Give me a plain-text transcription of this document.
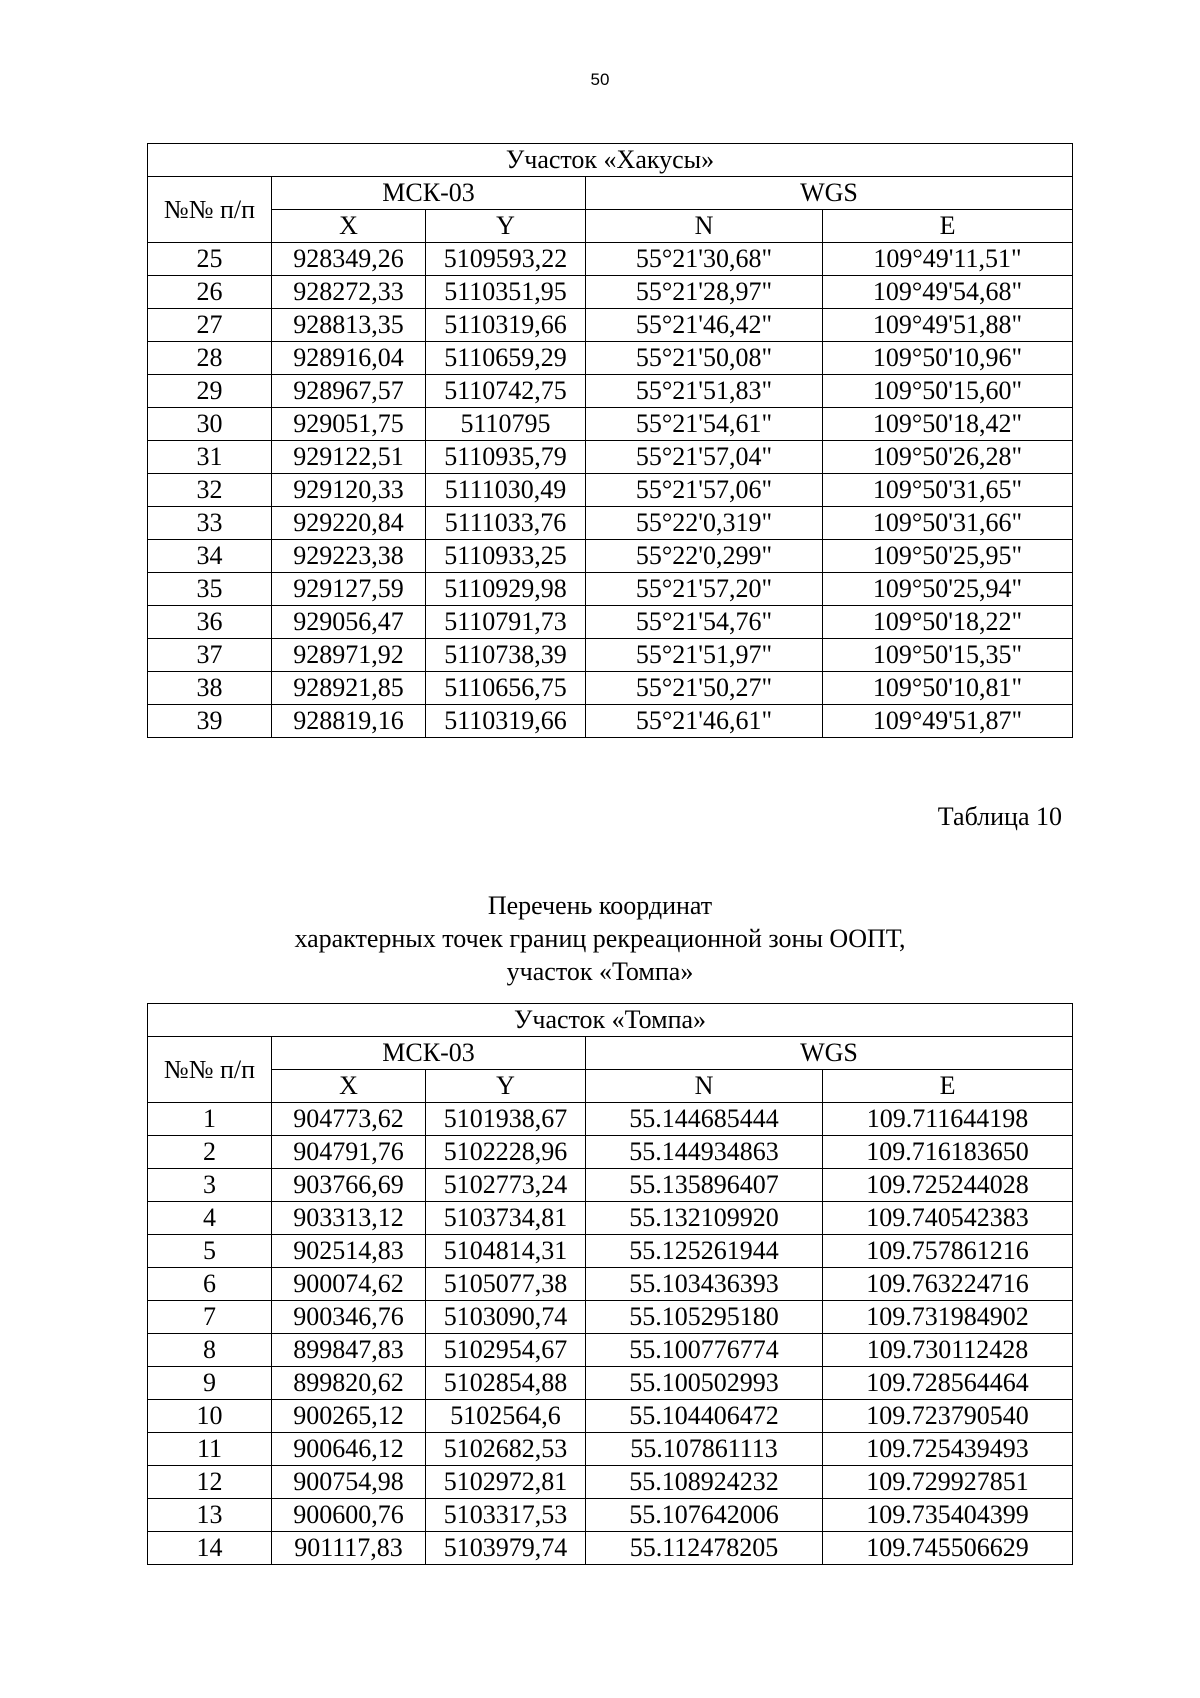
50
Участок «Хакусы»				
№№ п/п	МСК-03		WGS	
	X	Y	N	E
25	928349,26	5109593,22	55°21'30,68"	109°49'11,51"
26	928272,33	5110351,95	55°21'28,97"	109°49'54,68"
27	928813,35	5110319,66	55°21'46,42"	109°49'51,88"
28	928916,04	5110659,29	55°21'50,08"	109°50'10,96"
29	928967,57	5110742,75	55°21'51,83"	109°50'15,60"
30	929051,75	5110795	55°21'54,61"	109°50'18,42"
31	929122,51	5110935,79	55°21'57,04"	109°50'26,28"
32	929120,33	5111030,49	55°21'57,06"	109°50'31,65"
33	929220,84	5111033,76	55°22'0,319"	109°50'31,66"
34	929223,38	5110933,25	55°22'0,299"	109°50'25,95"
35	929127,59	5110929,98	55°21'57,20"	109°50'25,94"
36	929056,47	5110791,73	55°21'54,76"	109°50'18,22"
37	928971,92	5110738,39	55°21'51,97"	109°50'15,35"
38	928921,85	5110656,75	55°21'50,27"	109°50'10,81"
39	928819,16	5110319,66	55°21'46,61"	109°49'51,87"
Таблица 10
Перечень координат
характерных точек границ рекреационной зоны ООПТ,
участок «Томпа»
Участок «Томпа»				
№№ п/п	МСК-03		WGS	
	X	Y	N	E
1	904773,62	5101938,67	55.144685444	109.711644198
2	904791,76	5102228,96	55.144934863	109.716183650
3	903766,69	5102773,24	55.135896407	109.725244028
4	903313,12	5103734,81	55.132109920	109.740542383
5	902514,83	5104814,31	55.125261944	109.757861216
6	900074,62	5105077,38	55.103436393	109.763224716
7	900346,76	5103090,74	55.105295180	109.731984902
8	899847,83	5102954,67	55.100776774	109.730112428
9	899820,62	5102854,88	55.100502993	109.728564464
10	900265,12	5102564,6	55.104406472	109.723790540
11	900646,12	5102682,53	55.107861113	109.725439493
12	900754,98	5102972,81	55.108924232	109.729927851
13	900600,76	5103317,53	55.107642006	109.735404399
14	901117,83	5103979,74	55.112478205	109.745506629
